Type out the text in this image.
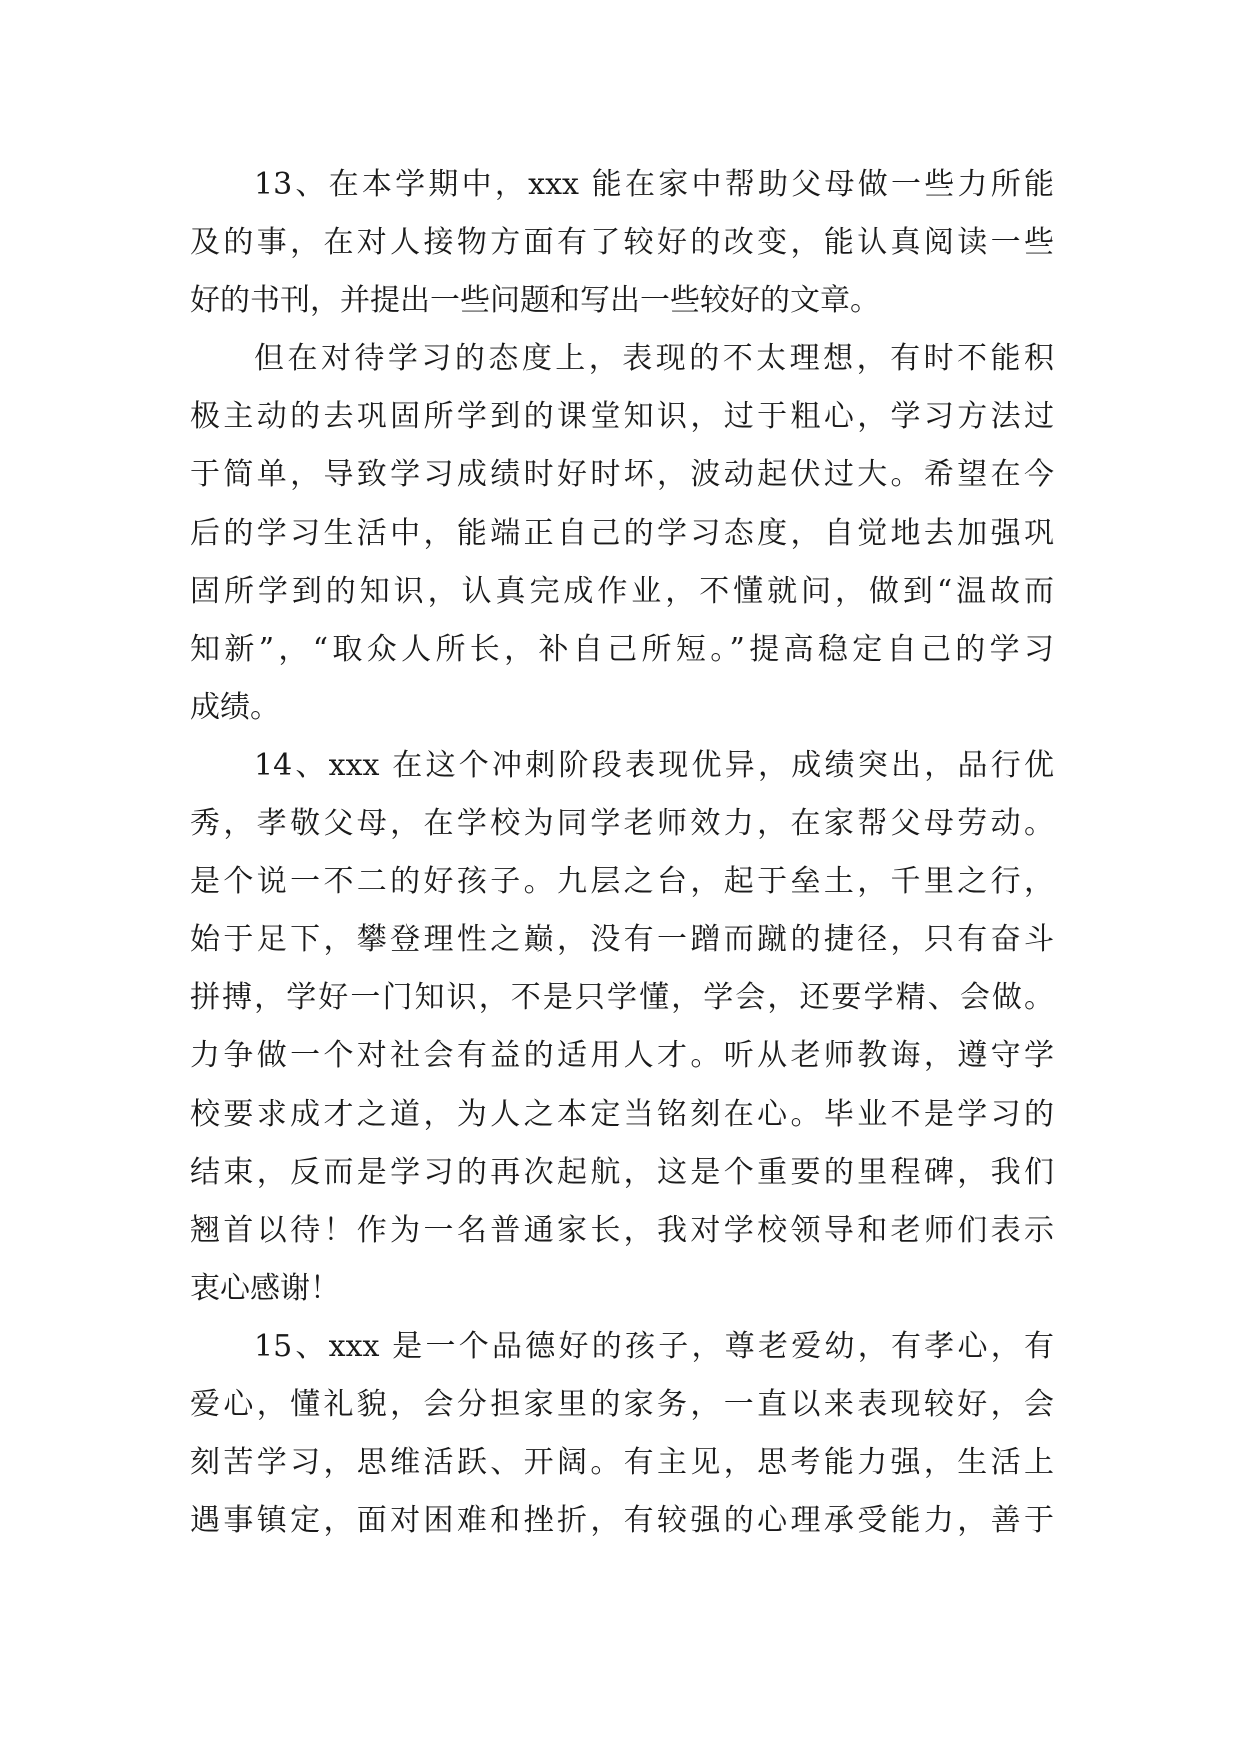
13、在本学期中，xxx 能在家中帮助父母做一些力所能
及的事，在对人接物方面有了较好的改变，能认真阅读一些
好的书刊，并提出一些问题和写出一些较好的文章。
但在对待学习的态度上，表现的不太理想，有时不能积
极主动的去巩固所学到的课堂知识，过于粗心，学习方法过
于简单，导致学习成绩时好时坏，波动起伏过大。希望在今
后的学习生活中，能端正自己的学习态度，自觉地去加强巩
固所学到的知识，认真完成作业，不懂就问，做到“温故而
知新”，“取众人所长，补自己所短。”提高稳定自己的学习
成绩。
14、xxx 在这个冲刺阶段表现优异，成绩突出，品行优
秀，孝敬父母，在学校为同学老师效力，在家帮父母劳动。
是个说一不二的好孩子。九层之台，起于垒土，千里之行，
始于足下，攀登理性之巅，没有一蹭而蹴的捷径，只有奋斗
拼搏，学好一门知识，不是只学懂，学会，还要学精、会做。
力争做一个对社会有益的适用人才。听从老师教诲，遵守学
校要求成才之道，为人之本定当铭刻在心。毕业不是学习的
结束，反而是学习的再次起航，这是个重要的里程碑，我们
翘首以待！作为一名普通家长，我对学校领导和老师们表示
衷心感谢！
15、xxx 是一个品德好的孩子，尊老爱幼，有孝心，有
爱心，懂礼貌，会分担家里的家务，一直以来表现较好，会
刻苦学习，思维活跃、开阔。有主见，思考能力强，生活上
遇事镇定，面对困难和挫折，有较强的心理承受能力，善于
